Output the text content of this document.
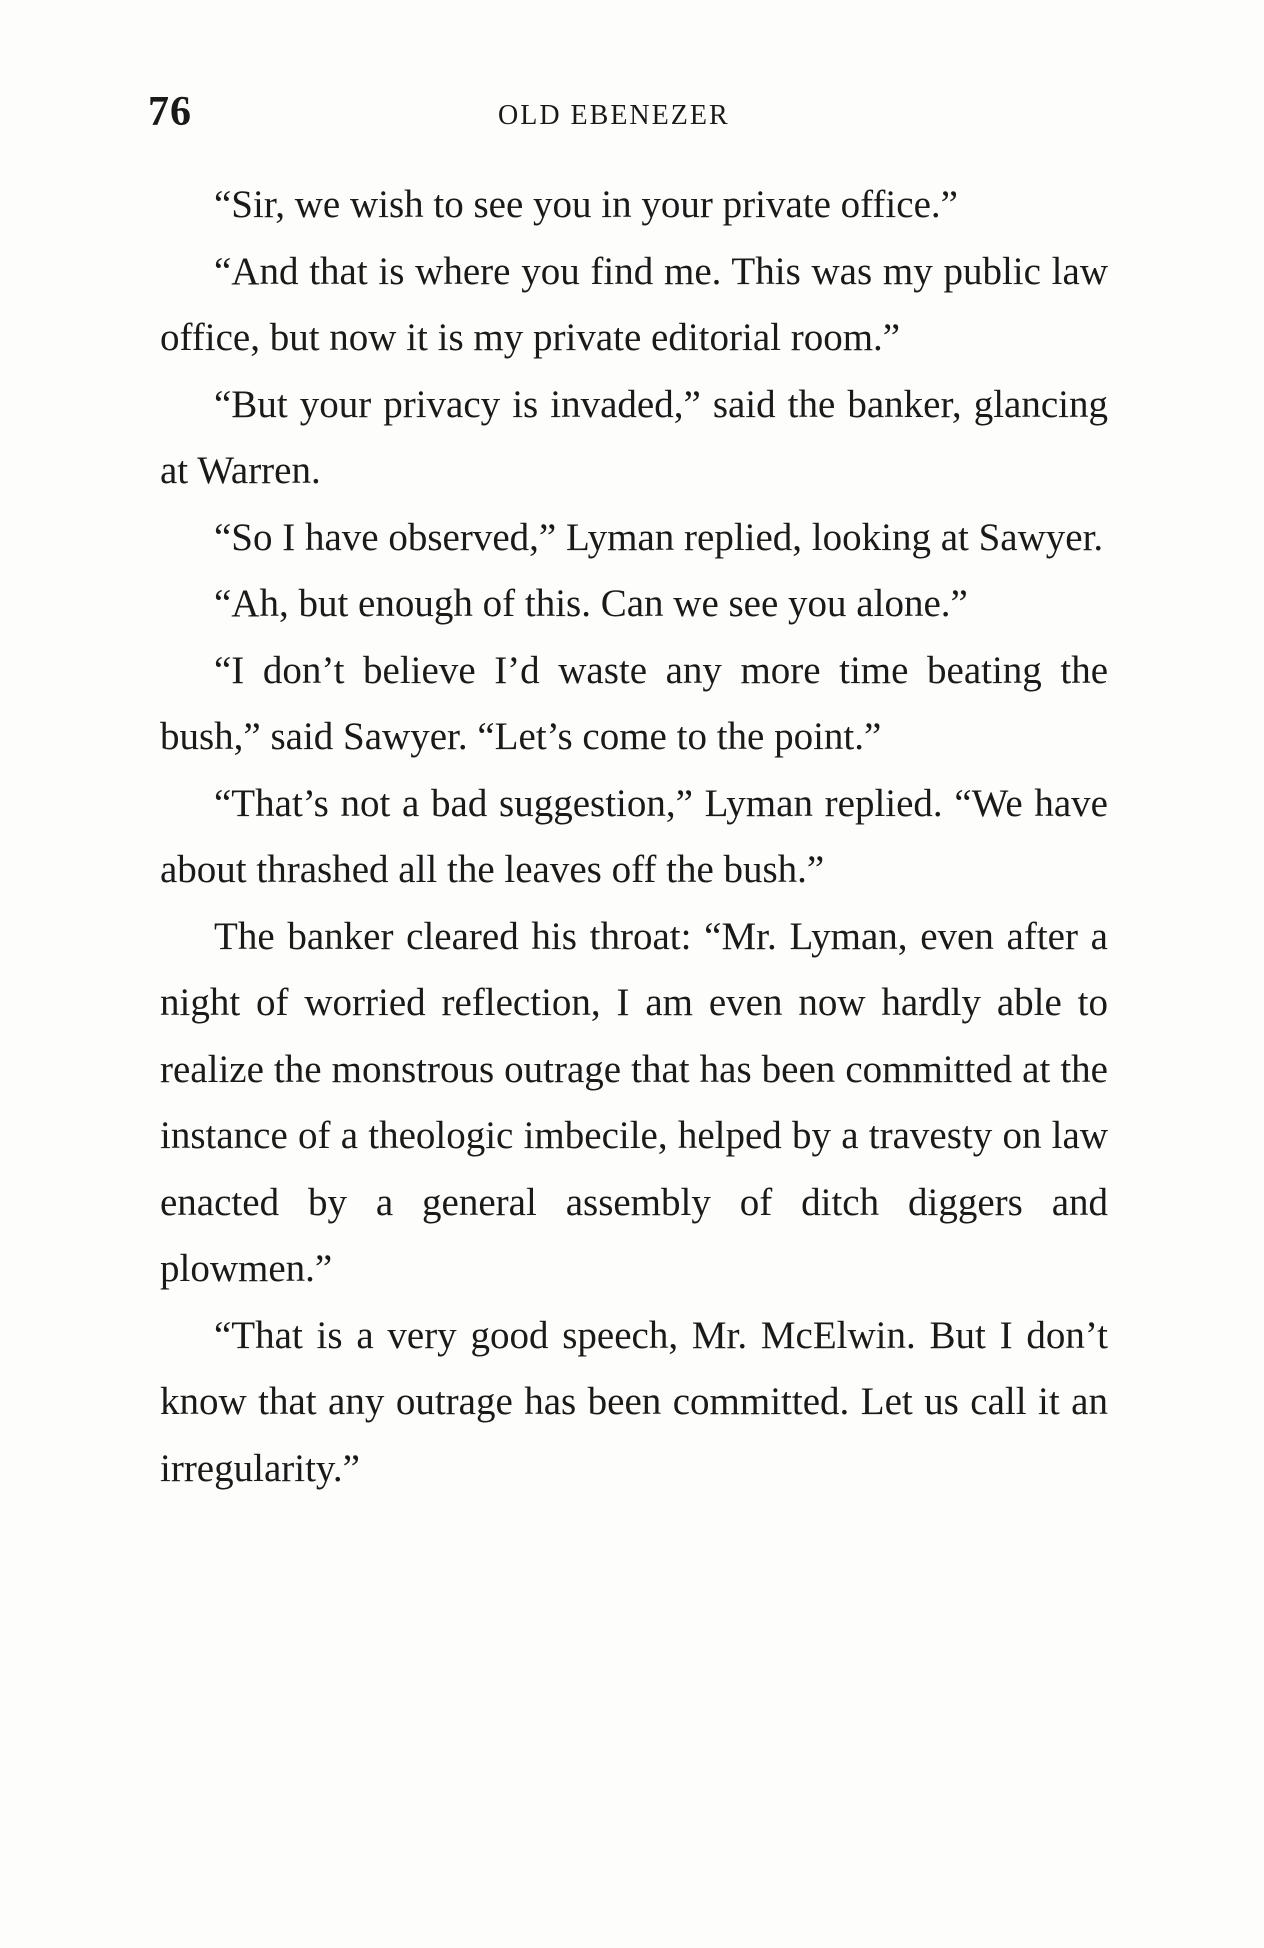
76	OLD EBENEZER

“Sir, we wish to see you in your private office.”

“And that is where you find me. This was my public law office, but now it is my private editorial room.”

“But your privacy is invaded,” said the banker, glancing at Warren.

“So I have observed,” Lyman replied, looking at Sawyer.

“Ah, but enough of this. Can we see you alone.”

“I don’t believe I’d waste any more time beating the bush,” said Sawyer. “Let’s come to the point.”

“That’s not a bad suggestion,” Lyman replied. “We have about thrashed all the leaves off the bush.”

The banker cleared his throat: “Mr. Lyman, even after a night of worried reflection, I am even now hardly able to realize the monstrous outrage that has been committed at the instance of a theologic imbecile, helped by a travesty on law enacted by a general assembly of ditch diggers and plowmen.”

“That is a very good speech, Mr. McElwin. But I don’t know that any outrage has been committed. Let us call it an irregularity.”
